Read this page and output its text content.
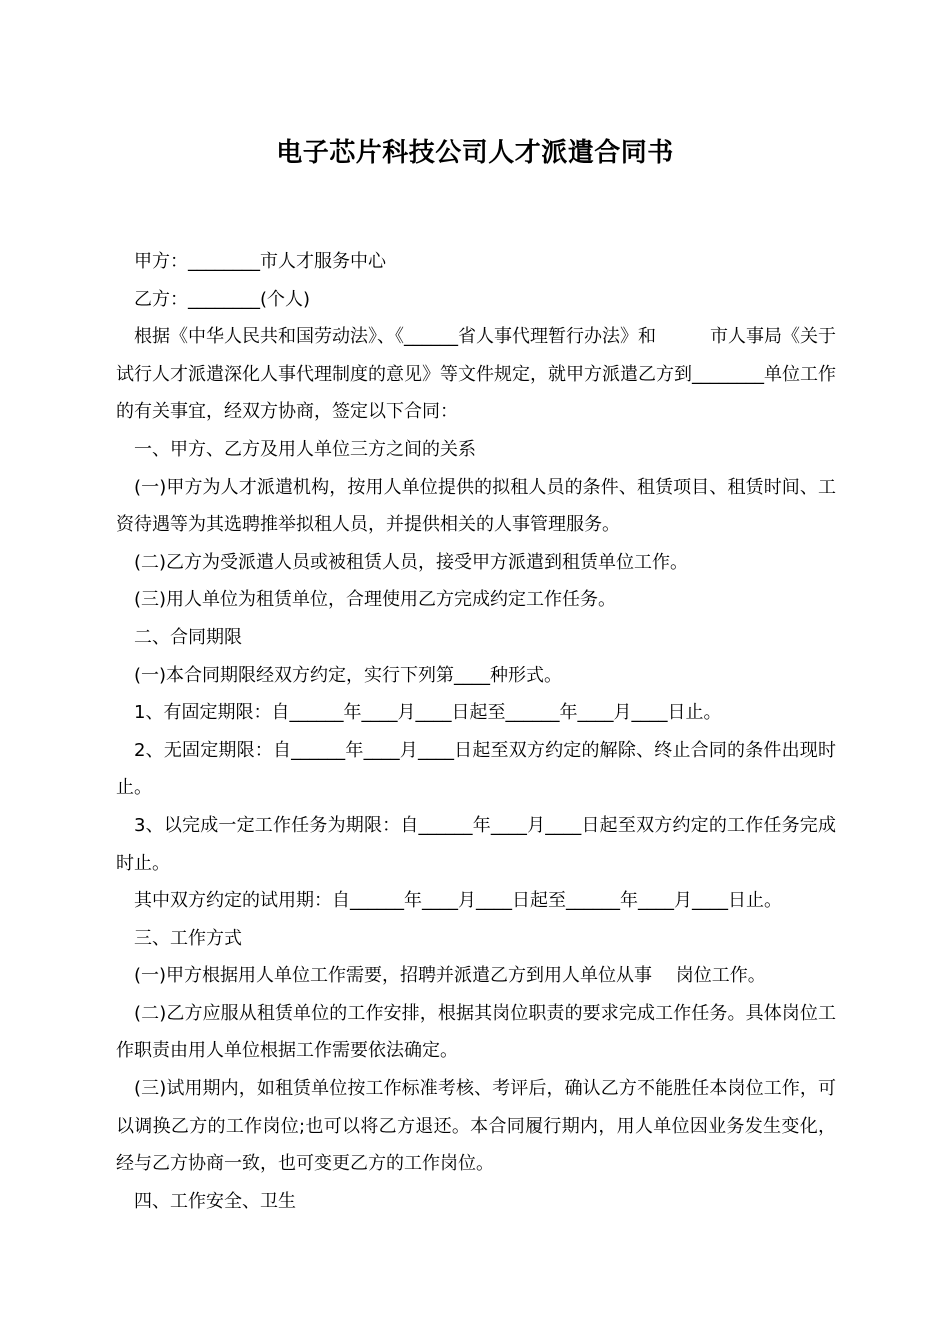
电子芯片科技公司人才派遣合同书

甲方：________市人才服务中心

乙方：________(个人)

根据《中华人民共和国劳动法》、《______省人事代理暂行办法》和　　　市人事局《关于试行人才派遣深化人事代理制度的意见》等文件规定，就甲方派遣乙方到________单位工作的有关事宜，经双方协商，签定以下合同：

一、甲方、乙方及用人单位三方之间的关系

(一)甲方为人才派遣机构，按用人单位提供的拟租人员的条件、租赁项目、租赁时间、工资待遇等为其选聘推举拟租人员，并提供相关的人事管理服务。

(二)乙方为受派遣人员或被租赁人员，接受甲方派遣到租赁单位工作。

(三)用人单位为租赁单位，合理使用乙方完成约定工作任务。

二、合同期限

(一)本合同期限经双方约定，实行下列第____种形式。

1、有固定期限：自______年____月____日起至______年____月____日止。

2、无固定期限：自______年____月____日起至双方约定的解除、终止合同的条件出现时止。

3、以完成一定工作任务为期限：自______年____月____日起至双方约定的工作任务完成时止。

其中双方约定的试用期：自______年____月____日起至______年____月____日止。

三、工作方式

(一)甲方根据用人单位工作需要，招聘并派遣乙方到用人单位从事　 岗位工作。

(二)乙方应服从租赁单位的工作安排，根据其岗位职责的要求完成工作任务。具体岗位工作职责由用人单位根据工作需要依法确定。

(三)试用期内，如租赁单位按工作标准考核、考评后，确认乙方不能胜任本岗位工作，可以调换乙方的工作岗位;也可以将乙方退还。本合同履行期内，用人单位因业务发生变化，经与乙方协商一致，也可变更乙方的工作岗位。

四、工作安全、卫生
